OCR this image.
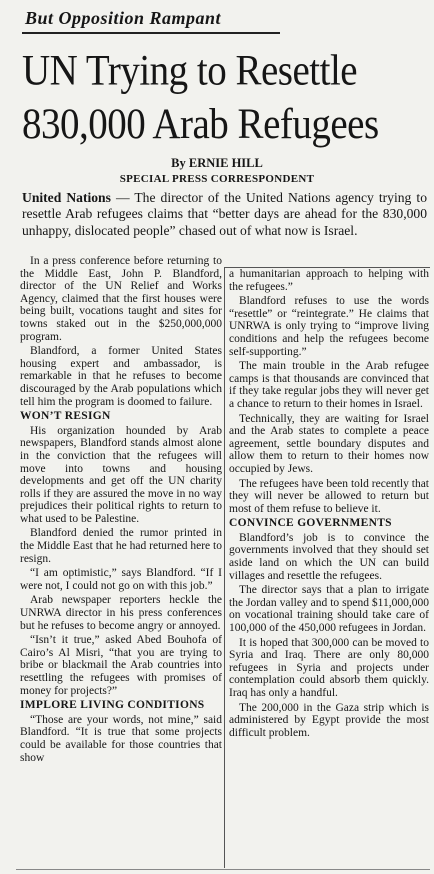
But Opposition Rampant
UN Trying to Resettle
830,000 Arab Refugees
By ERNIE HILL
SPECIAL PRESS CORRESPONDENT
United Nations — The director of the United Nations agency trying to resettle Arab refugees claims that “better days are ahead for the 830,000 unhappy, dislocated people” chased out of what now is Israel.

In a press conference before returning to the Middle East, John P. Blandford, director of the UN Relief and Works Agency, claimed that the first houses were being built, vocations taught and sites for towns staked out in the $250,000,000 program.

Blandford, a former United States housing expert and ambassador, is remarkable in that he refuses to become discouraged by the Arab populations which tell him the program is doomed to failure.

WON’T RESIGN

His organization hounded by Arab newspapers, Blandford stands almost alone in the conviction that the refugees will move into towns and housing developments and get off the UN charity rolls if they are assured the move in no way prejudices their political rights to return to what used to be Palestine.

Blandford denied the rumor printed in the Middle East that he had returned here to resign.

“I am optimistic,” says Blandford. “If I were not, I could not go on with this job.”

Arab newspaper reporters heckle the UNRWA director in his press conferences but he refuses to become angry or annoyed.

“Isn’t it true,” asked Abed Bouhofa of Cairo’s Al Misri, “that you are trying to bribe or blackmail the Arab countries into resettling the refugees with promises of money for projects?”

IMPLORE LIVING CONDITIONS

“Those are your words, not mine,” said Blandford. “It is true that some projects could be available for those countries that show

a humanitarian approach to helping with the refugees.”

Blandford refuses to use the words “resettle” or “reintegrate.” He claims that UNRWA is only trying to “improve living conditions and help the refugees become self-supporting.”

The main trouble in the Arab refugee camps is that thousands are convinced that if they take regular jobs they will never get a chance to return to their homes in Israel.

Technically, they are waiting for Israel and the Arab states to complete a peace agreement, settle boundary disputes and allow them to return to their homes now occupied by Jews.

The refugees have been told recently that they will never be allowed to return but most of them refuse to believe it.

CONVINCE GOVERNMENTS

Blandford’s job is to convince the governments involved that they should set aside land on which the UN can build villages and resettle the refugees.

The director says that a plan to irrigate the Jordan valley and to spend $11,000,000 on vocational training should take care of 100,000 of the 450,000 refugees in Jordan.

It is hoped that 300,000 can be moved to Syria and Iraq. There are only 80,000 refugees in Syria and projects under contemplation could absorb them quickly. Iraq has only a handful.

The 200,000 in the Gaza strip which is administered by Egypt provide the most difficult problem.
